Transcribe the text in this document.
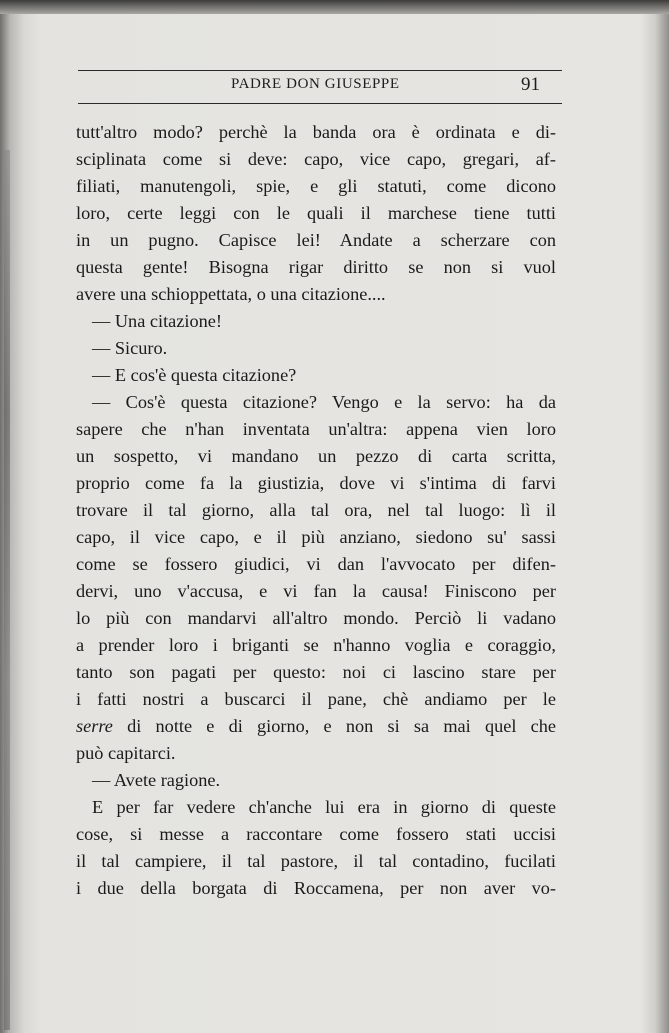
PADRE DON GIUSEPPE	91
tutt'altro modo? perchè la banda ora è ordinata e di-
sciplinata come si deve: capo, vice capo, gregari, af-
filiati, manutengoli, spie, e gli statuti, come dicono
loro, certe leggi con le quali il marchese tiene tutti
in un pugno. Capisce lei! Andate a scherzare con
questa gente! Bisogna rigar diritto se non si vuol
avere una schioppettata, o una citazione....
— Una citazione!
— Sicuro.
— E cos'è questa citazione?
— Cos'è questa citazione? Vengo e la servo: ha da
sapere che n'han inventata un'altra: appena vien loro
un sospetto, vi mandano un pezzo di carta scritta,
proprio come fa la giustizia, dove vi s'intima di farvi
trovare il tal giorno, alla tal ora, nel tal luogo: lì il
capo, il vice capo, e il più anziano, siedono su' sassi
come se fossero giudici, vi dan l'avvocato per difen-
dervi, uno v'accusa, e vi fan la causa! Finiscono per
lo più con mandarvi all'altro mondo. Perciò li vadano
a prender loro i briganti se n'hanno voglia e coraggio,
tanto son pagati per questo: noi ci lascino stare per
i fatti nostri a buscarci il pane, chè andiamo per le
serre di notte e di giorno, e non si sa mai quel che
può capitarci.
— Avete ragione.
E per far vedere ch'anche lui era in giorno di queste
cose, si messe a raccontare come fossero stati uccisi
il tal campiere, il tal pastore, il tal contadino, fucilati
i due della borgata di Roccamena, per non aver vo-
